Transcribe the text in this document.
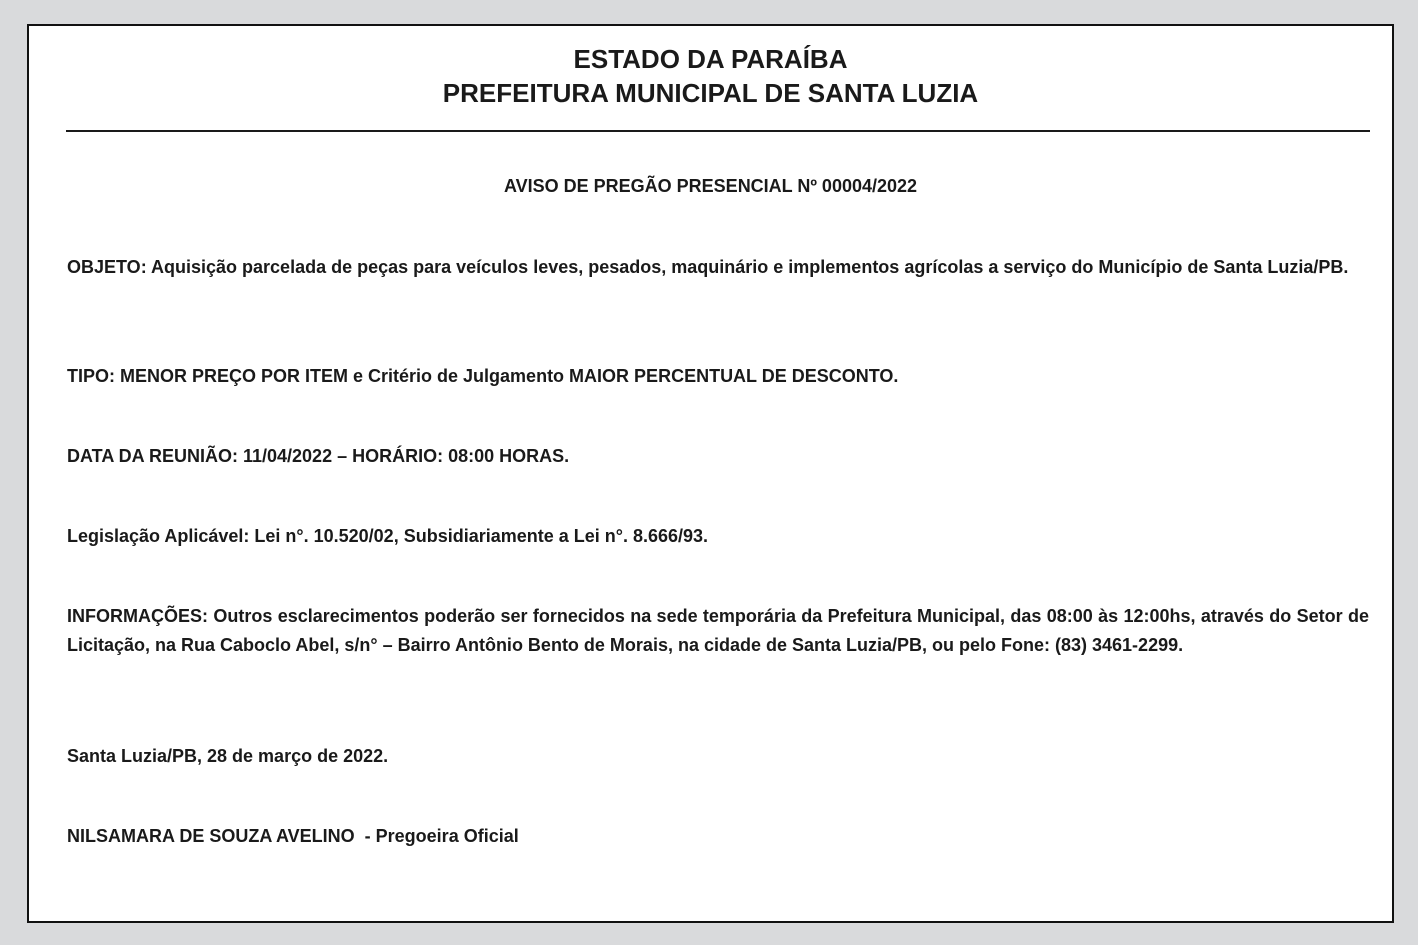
ESTADO DA PARAÍBA
PREFEITURA MUNICIPAL DE SANTA LUZIA
AVISO DE PREGÃO PRESENCIAL Nº 00004/2022
OBJETO: Aquisição parcelada de peças para veículos leves, pesados, maquinário e implementos agrícolas a serviço do Município de Santa Luzia/PB.
TIPO: MENOR PREÇO POR ITEM e Critério de Julgamento MAIOR PERCENTUAL DE DESCONTO.
DATA DA REUNIÃO: 11/04/2022 – HORÁRIO: 08:00 HORAS.
Legislação Aplicável: Lei n°. 10.520/02, Subsidiariamente a Lei n°. 8.666/93.
INFORMAÇÕES: Outros esclarecimentos poderão ser fornecidos na sede temporária da Prefeitura Municipal, das 08:00 às 12:00hs, através do Setor de Licitação, na Rua Caboclo Abel, s/n° – Bairro Antônio Bento de Morais, na cidade de Santa Luzia/PB, ou pelo Fone: (83) 3461-2299.
Santa Luzia/PB, 28 de março de 2022.
NILSAMARA DE SOUZA AVELINO  - Pregoeira Oficial
